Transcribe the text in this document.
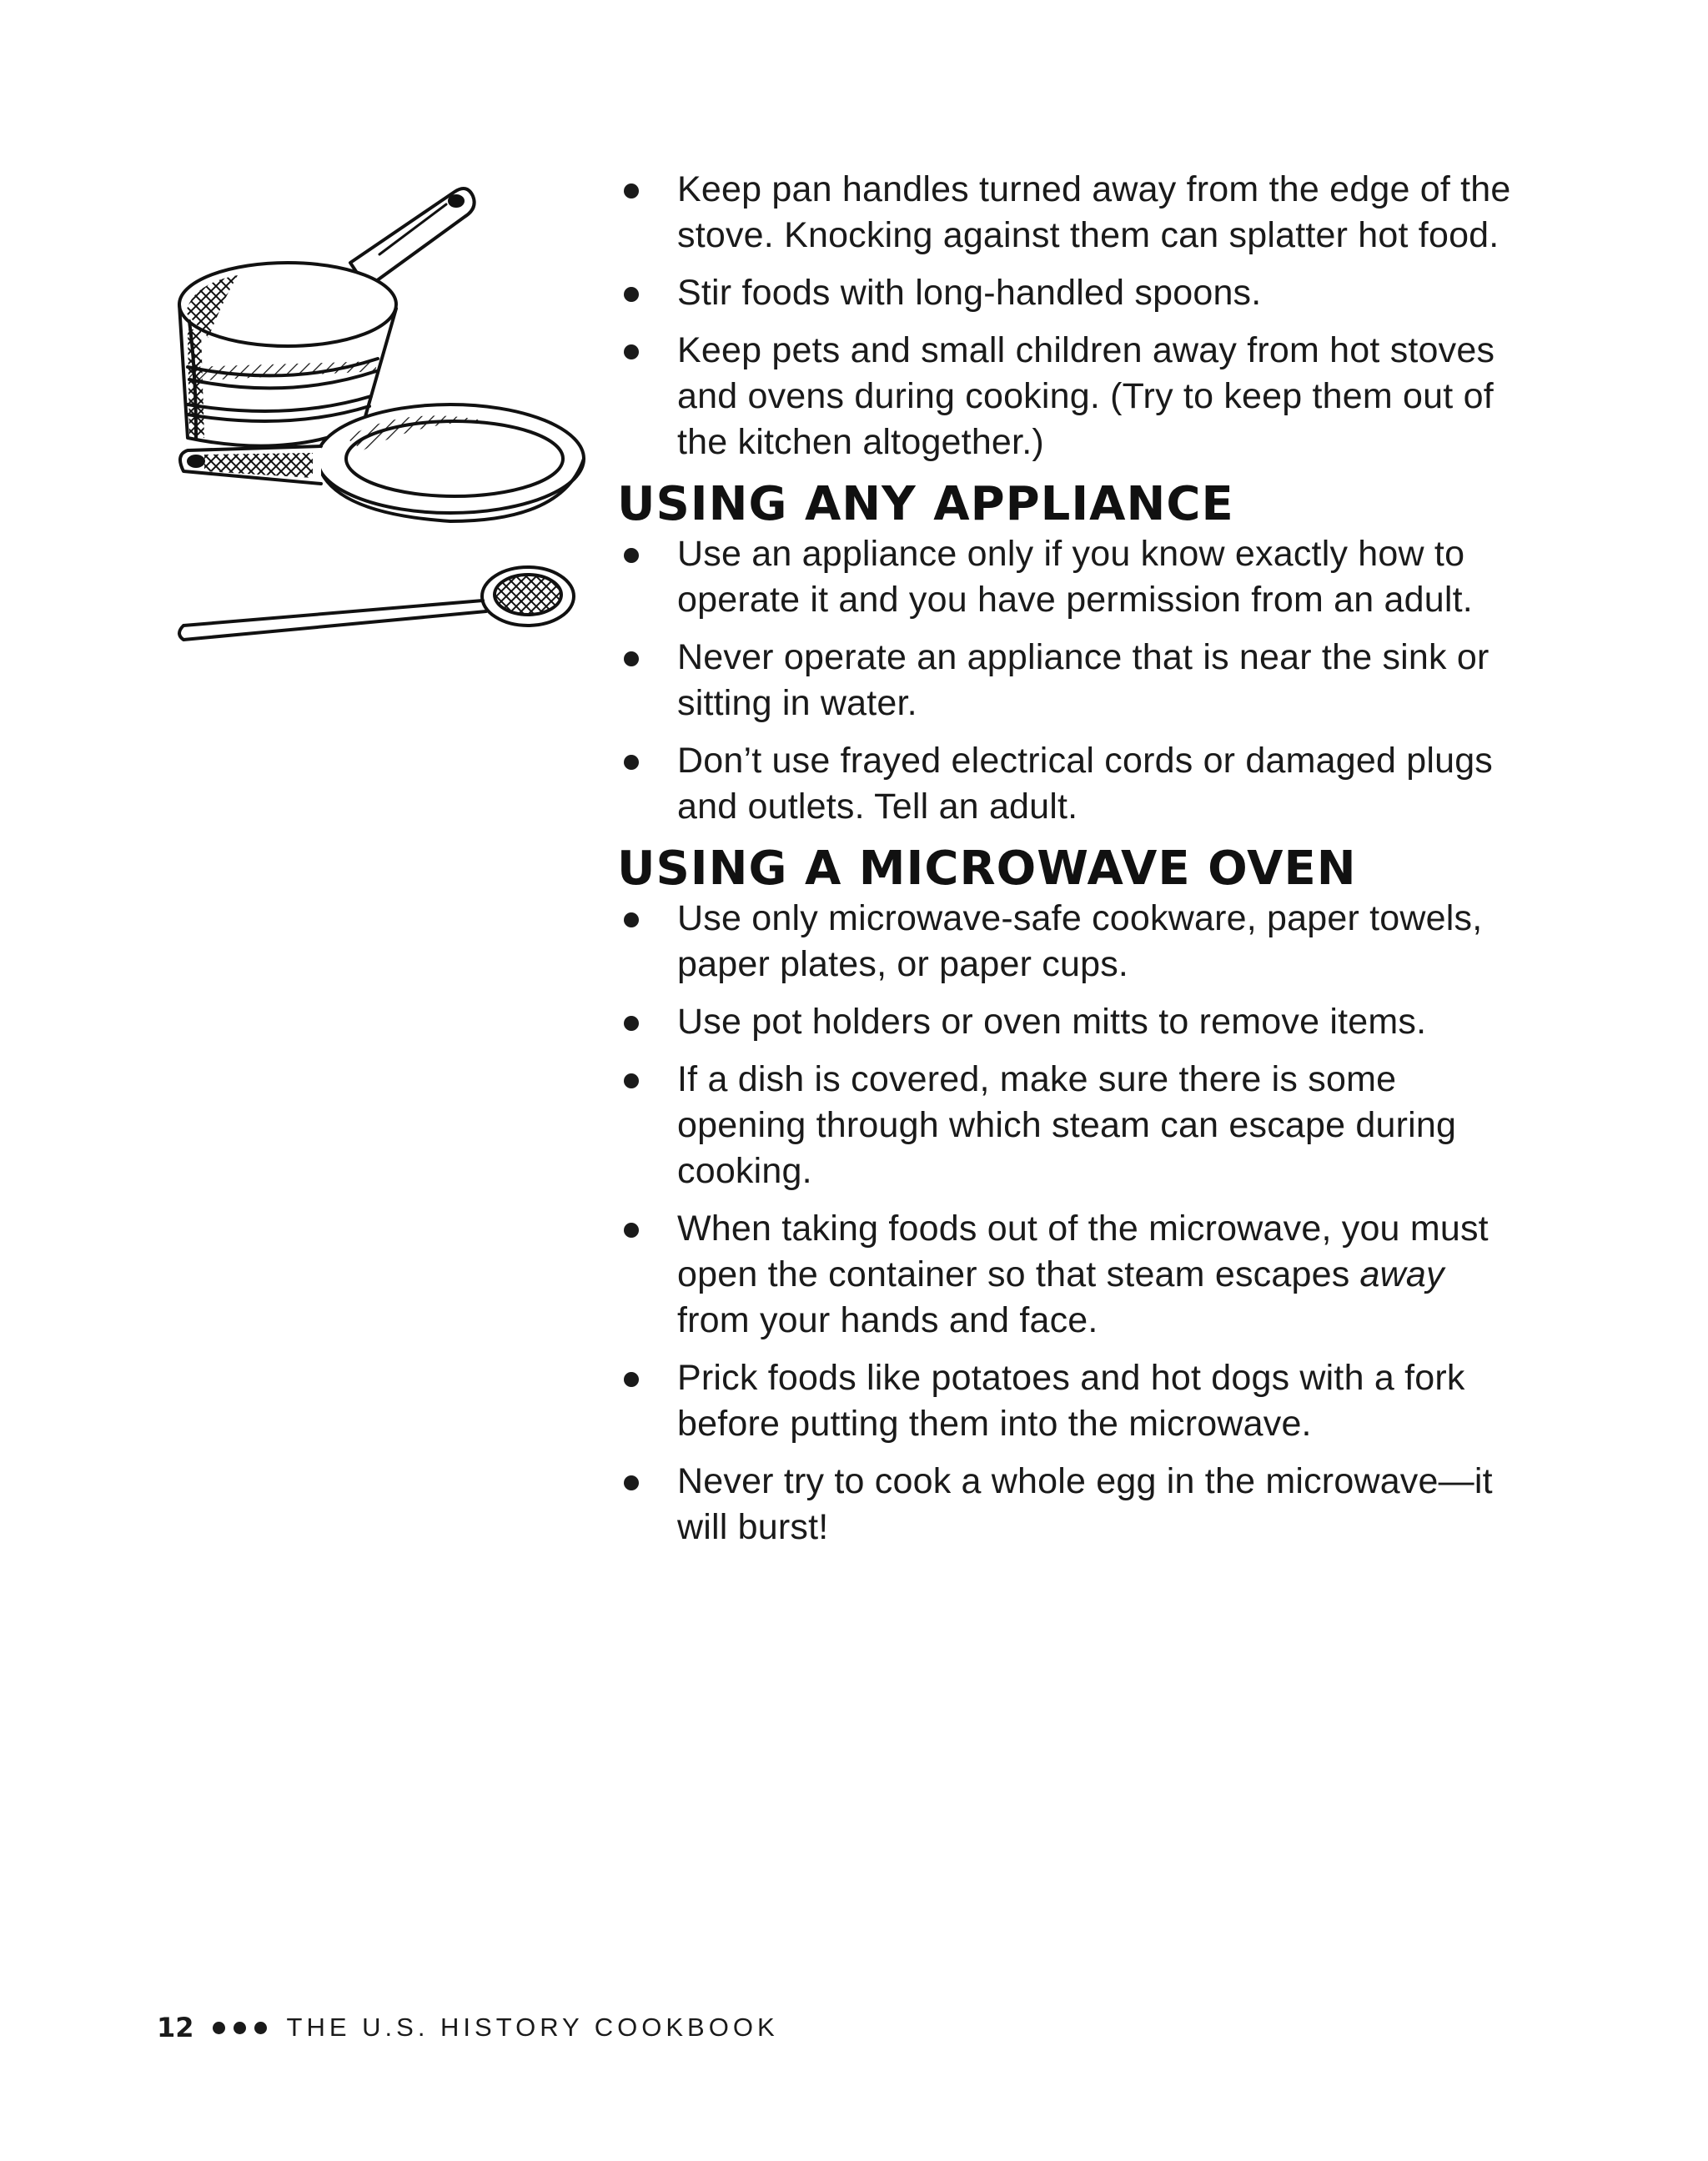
Keep pan handles turned away from the edge of the stove. Knocking against them can splatter hot food.
Stir foods with long-handled spoons.
Keep pets and small children away from hot stoves and ovens during cooking. (Try to keep them out of the kitchen altogether.)
USING ANY APPLIANCE
Use an appliance only if you know exactly how to operate it and you have permission from an adult.
Never operate an appliance that is near the sink or sitting in water.
Don’t use frayed electrical cords or damaged plugs and outlets. Tell an adult.
USING A MICROWAVE OVEN
Use only microwave-safe cookware, paper towels, paper plates, or paper cups.
Use pot holders or oven mitts to remove items.
If a dish is covered, make sure there is some opening through which steam can escape during cooking.
When taking foods out of the microwave, you must open the container so that steam escapes away from your hands and face.
Prick foods like potatoes and hot dogs with a fork before putting them into the microwave.
Never try to cook a whole egg in the microwave—it will burst!
12	THE U.S. HISTORY COOKBOOK
